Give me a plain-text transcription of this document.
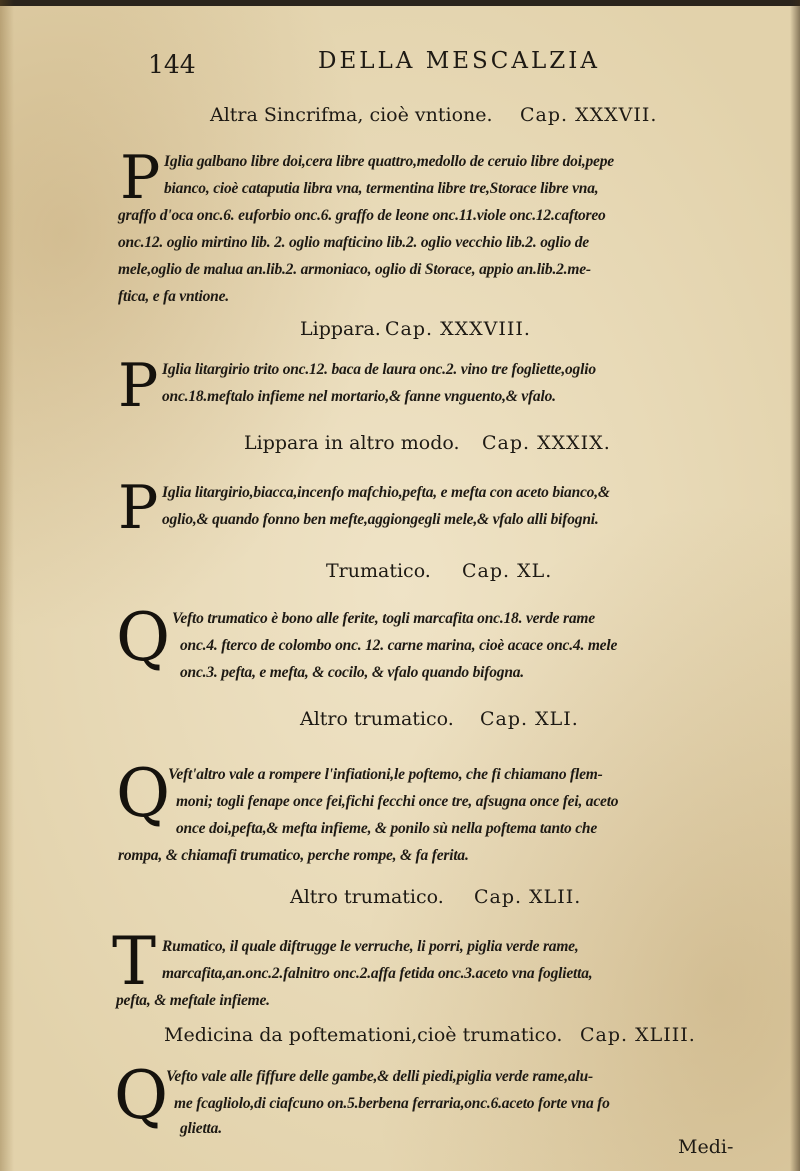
144	DELLA MESCALZIA
Altra Sincrifma, cioè vntione. Cap. XXXVII.
P Iglia galbano libre doi,cera libre quattro,medollo de ceruio libre doi,pepe
bianco, cioè cataputia libra vna, termentina libre tre,Storace libre vna,
graffo d'oca onc.6. euforbio onc.6. graffo de leone onc.11.viole onc.12.caftoreo
onc.12. oglio mirtino lib. 2. oglio mafticino lib.2. oglio vecchio lib.2. oglio de
mele,oglio de malua an.lib.2. armoniaco, oglio di Storace, appio an.lib.2.me-
ftica, e fa vntione.
Lippara. Cap. XXXVIII.
P Iglia litargirio trito onc.12. baca de laura onc.2. vino tre fogliette,oglio
onc.18.meftalo infieme nel mortario,& fanne vnguento,& vfalo.
Lippara in altro modo. Cap. XXXIX.
P Iglia litargirio,biacca,incenfo mafchio,pefta, e mefta con aceto bianco,&
oglio,& quando fonno ben mefte,aggiongegli mele,& vfalo alli bifogni.
Trumatico. Cap. XL.
Q Vefto trumatico è bono alle ferite, togli marcafita onc.18. verde rame
onc.4. fterco de colombo onc. 12. carne marina, cioè acace onc.4. mele
onc.3. pefta, e mefta, & cocilo, & vfalo quando bifogna.
Altro trumatico. Cap. XLI.
Q
Veft'altro vale a rompere l'infiationi,le poftemo, che fi chiamano flem-
moni; togli fenape once fei,fichi fecchi once tre, afsugna once fei, aceto
once doi,pefta,& mefta infieme, & ponilo sù nella poftema tanto che
rompa, & chiamafi trumatico, perche rompe, & fa ferita.
Altro trumatico. Cap. XLII.
T Rumatico, il quale diftrugge le verruche, li porri, piglia verde rame,
marcafita,an.onc.2.falnitro onc.2.affa fetida onc.3.aceto vna foglietta,
pefta, & meftale infieme.
Medicina da poftemationi,cioè trumatico. Cap. XLIII.
Q
Vefto vale alle fiffure delle gambe,& delli piedi,piglia verde rame,alu-
me fcagliolo,di ciafcuno on.5.berbena ferraria,onc.6.aceto forte vna fo
glietta.
Medi-
